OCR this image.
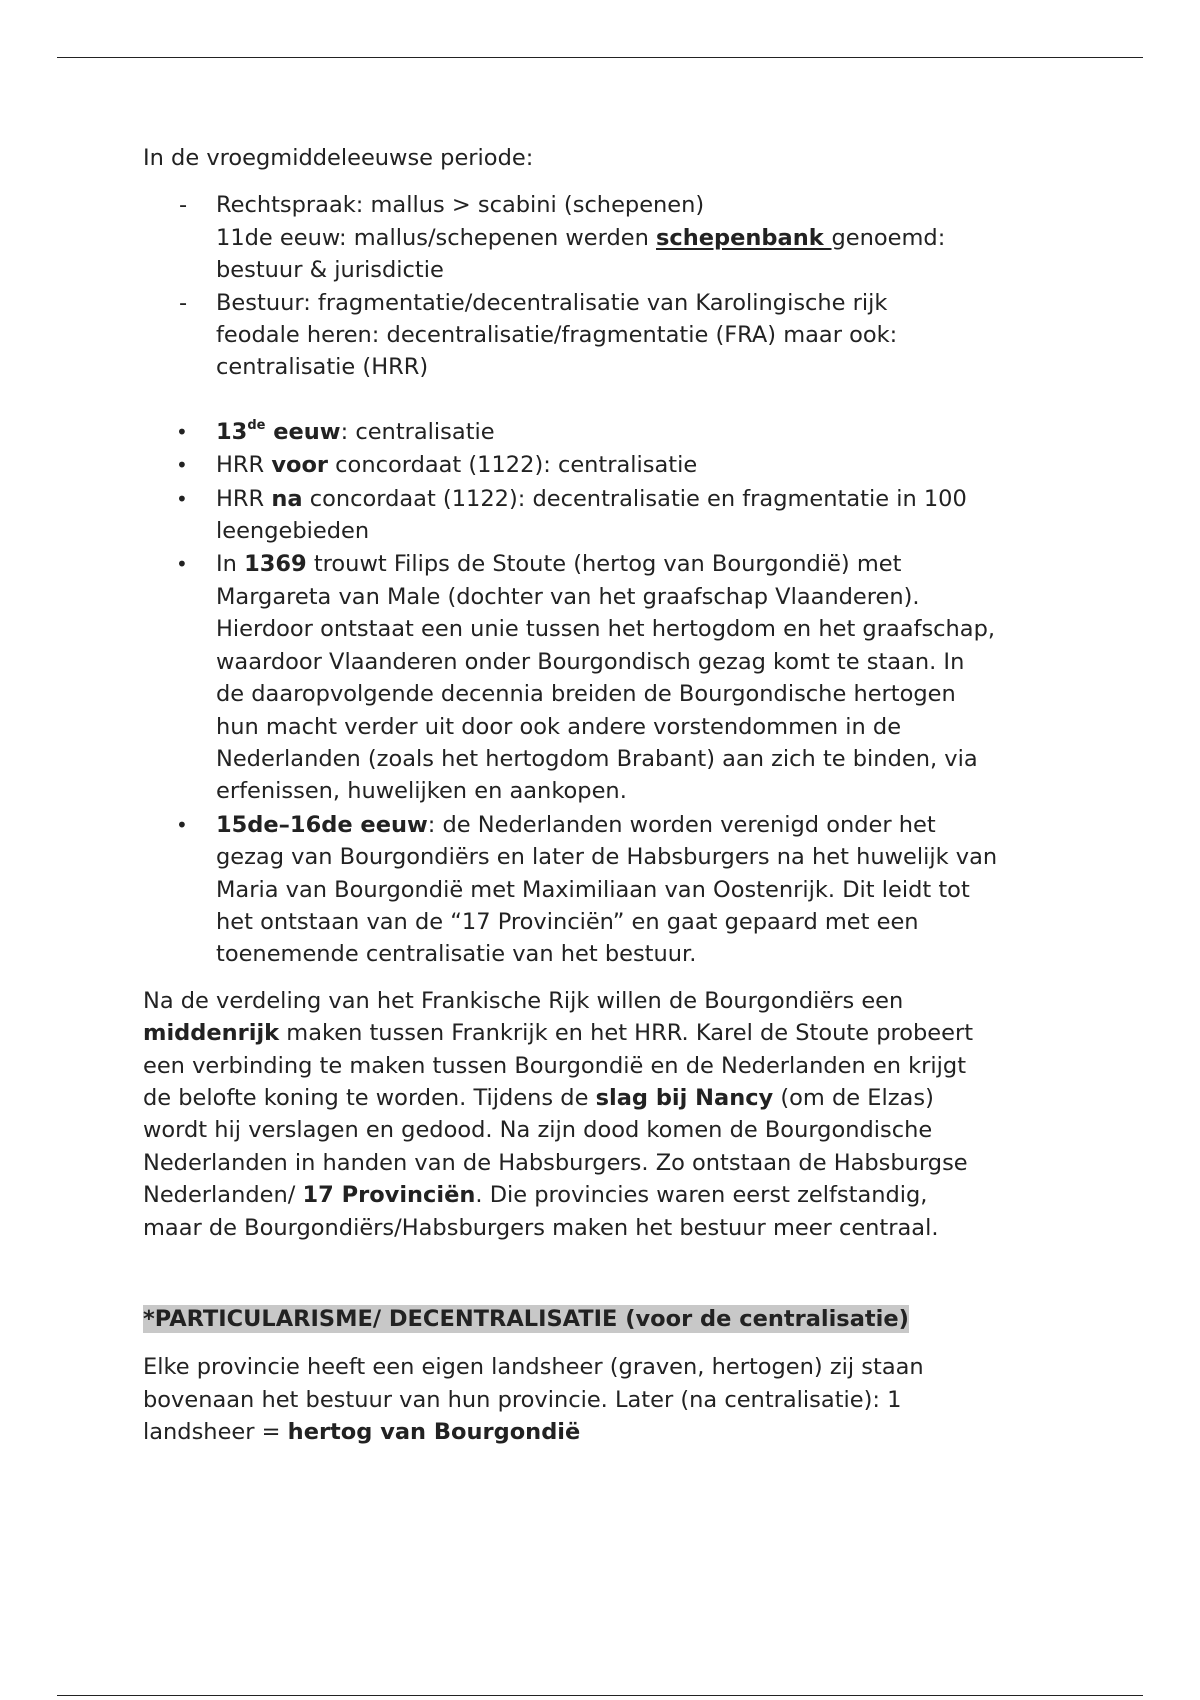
In de vroegmiddeleeuwse periode:

- Rechtspraak: mallus > scabini (schepenen)
11de eeuw: mallus/schepenen werden schepenbank genoemd:
bestuur & jurisdictie
- Bestuur: fragmentatie/decentralisatie van Karolingische rijk
feodale heren: decentralisatie/fragmentatie (FRA) maar ook:
centralisatie (HRR)
• 13de eeuw: centralisatie
• HRR voor concordaat (1122): centralisatie
• HRR na concordaat (1122): decentralisatie en fragmentatie in 100
leengebieden
• In 1369 trouwt Filips de Stoute (hertog van Bourgondië) met
Margareta van Male (dochter van het graafschap Vlaanderen).
Hierdoor ontstaat een unie tussen het hertogdom en het graafschap,
waardoor Vlaanderen onder Bourgondisch gezag komt te staan. In
de daaropvolgende decennia breiden de Bourgondische hertogen
hun macht verder uit door ook andere vorstendommen in de
Nederlanden (zoals het hertogdom Brabant) aan zich te binden, via
erfenissen, huwelijken en aankopen.
• 15de–16de eeuw: de Nederlanden worden verenigd onder het
gezag van Bourgondiërs en later de Habsburgers na het huwelijk van
Maria van Bourgondië met Maximiliaan van Oostenrijk. Dit leidt tot
het ontstaan van de “17 Provinciën” en gaat gepaard met een
toenemende centralisatie van het bestuur.

Na de verdeling van het Frankische Rijk willen de Bourgondiërs een
middenrijk maken tussen Frankrijk en het HRR. Karel de Stoute probeert
een verbinding te maken tussen Bourgondië en de Nederlanden en krijgt
de belofte koning te worden. Tijdens de slag bij Nancy (om de Elzas)
wordt hij verslagen en gedood. Na zijn dood komen de Bourgondische
Nederlanden in handen van de Habsburgers. Zo ontstaan de Habsburgse
Nederlanden/ 17 Provinciën. Die provincies waren eerst zelfstandig,
maar de Bourgondiërs/Habsburgers maken het bestuur meer centraal.

*PARTICULARISME/ DECENTRALISATIE (voor de centralisatie)

Elke provincie heeft een eigen landsheer (graven, hertogen) zij staan
bovenaan het bestuur van hun provincie. Later (na centralisatie): 1
landsheer = hertog van Bourgondië
